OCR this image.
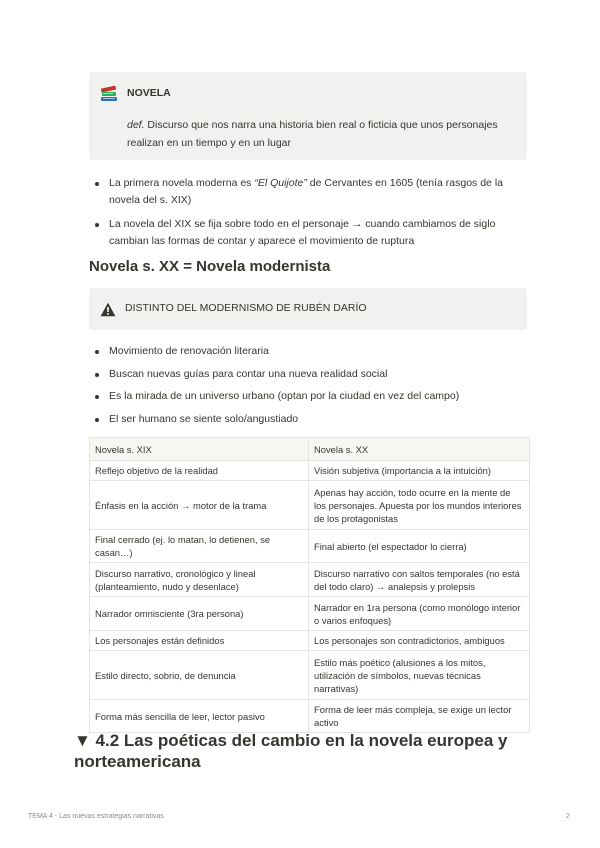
NOVELA
def. Discurso que nos narra una historia bien real o ficticia que unos personajes realizan en un tiempo y en un lugar
La primera novela moderna es “El Quijote” de Cervantes en 1605 (tenía rasgos de la novela del s. XIX)
La novela del XIX se fija sobre todo en el personaje → cuando cambiamos de siglo cambian las formas de contar y aparece el movimiento de ruptura
Novela s. XX = Novela modernista
DISTINTO DEL MODERNISMO DE RUBÉN DARÍO
Movimiento de renovación literaria
Buscan nuevas guías para contar una nueva realidad social
Es la mirada de un universo urbano (optan por la ciudad en vez del campo)
El ser humano se siente solo/angustiado
Novela s. XIX	Novela s. XX
Reflejo objetivo de la realidad	Visión subjetiva (importancia a la intuición)
Énfasis en la acción → motor de la trama	Apenas hay acción, todo ocurre en la mente de los personajes. Apuesta por los mundos interiores de los protagonistas
Final cerrado (ej. lo matan, lo detienen, se casan…)	Final abierto (el espectador lo cierra)
Discurso narrativo, cronológico y lineal (planteamiento, nudo y desenlace)	Discurso narrativo con saltos temporales (no está del todo claro) → analepsis y prolepsis
Narrador omnisciente (3ra persona)	Narrador en 1ra persona (como monólogo interior o varios enfoques)
Los personajes están definidos	Los personajes son contradictorios, ambiguos
Estilo directo, sobrio, de denuncia	Estilo más poético (alusiones a los mitos, utilización de símbolos, nuevas técnicas narrativas)
Forma más sencilla de leer, lector pasivo	Forma de leer más compleja, se exige un lector activo
▼ 4.2 Las poéticas del cambio en la novela europea y norteamericana
TEMA 4 - Las nuevas estrategias narrativas	2
